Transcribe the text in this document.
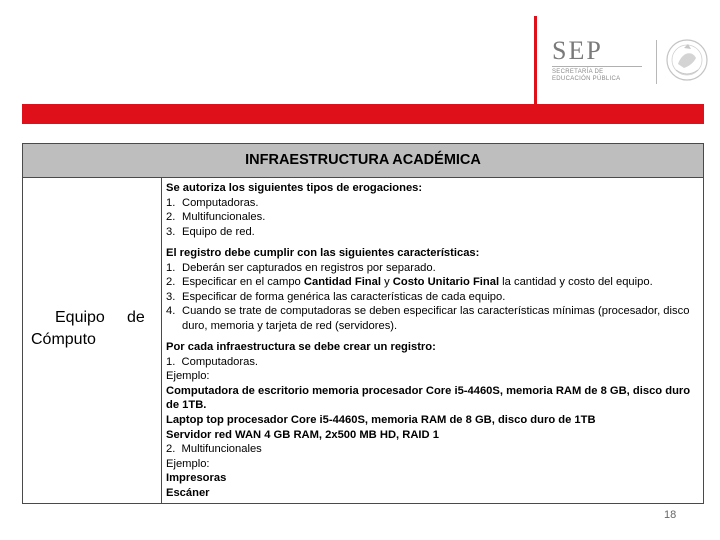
SEP
SECRETARÍA DE
EDUCACIÓN PÚBLICA
INFRAESTRUCTURA ACADÉMICA
Equipo de
Cómputo
Se autoriza los siguientes tipos de erogaciones:
1. Computadoras.
2. Multifuncionales.
3. Equipo de red.
El registro debe cumplir con las siguientes características:
1. Deberán ser capturados en registros por separado.
2. Especificar en el campo Cantidad Final y Costo Unitario Final la cantidad y costo del equipo.
3. Especificar de forma genérica las características de cada equipo.
4. Cuando se trate de computadoras se deben especificar las características mínimas (procesador, disco duro, memoria y tarjeta de red (servidores).
Por cada infraestructura se debe crear un registro:
1.  Computadoras.
Ejemplo:
Computadora de escritorio memoria procesador Core i5-4460S, memoria RAM de 8 GB, disco duro de 1TB.
Laptop top procesador Core i5-4460S, memoria RAM de 8 GB, disco duro de 1TB
Servidor red WAN 4 GB RAM, 2x500 MB HD, RAID 1
2.  Multifuncionales
Ejemplo:
Impresoras
Escáner
18
